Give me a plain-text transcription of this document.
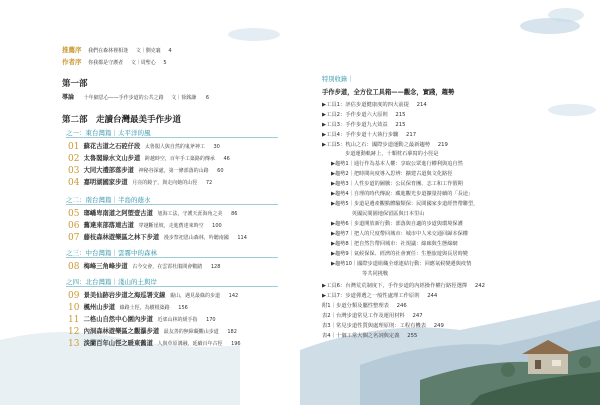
推薦序 我們在森林裡相逢 文｜劉克襄 4
作者序 你我都是守護者 文｜周聖心 5
第一部
導論 十年細思心——手作步道的公共之路 文｜徐銘謙 6
第二部　走讀台灣最美手作步道
之一：東台灣篇｜太平洋的風
01 蘇花古道之石硿仔段 太魯閣人與自然的鬼斧神工 30
02 太魯閣綠水文山步道 跨越時空，百年手工築路的傳承 46
03 大同大禮部落步道 神秘谷深處，第一條部落的山路 60
04 嘉明湖國家步道 月亮的鏡子，與走向她的山徑 72
之二：南台灣篇｜半島的蔭水
05 瑯嶠卑南道之阿塱壹古道 旭海工法，守護天涯海角之美 86
06 舊達來部落連古道 穿越斷崖坡，走進舊達來時空 100
07 藤枝森林遊樂區之林下步道 漫步祭祀恩山森林，吟聽南國 114
之三：中台灣篇｜雲霧中的森林
08 梅峰三角峰步道 古今交會，在雲霄杜鵑間會數踏 128
之四：北台灣篇｜淺山的土與岸
09 景美仙跡岩步道之海巡署支線 親山，遇見最綠的步道 142
10 楓州山步道 綠路土徑，為樹根築路 156
11 二格山自然中心園內步道 近郊山林的緩手指 170
12 內洞森林遊樂區之觀瀑步道 最友善的無障礙觀山步道 182
13 淡蘭百年山徑之暖東舊道 人與草原溝融，延續百年古徑 196
特別收錄｜
手作步道，全方位工具箱——觀念，實踐，趨勢
▶工具1：評估步道健康度的四大前提 214
▶工具2：手作步道六大原則 215
▶工具3：手作步道九大效益 215
▶工具4：手作步道十大執行步驟 217
▶工具5：枕山之石：國際步道運動之最新趨勢 219
步道運動軌跡上，十顆枕石摹寫的小徑是
▶趨勢1｜通行作為基本人權：享取公眾進行權利與追自然
▶趨勢2｜把時間向度導入思辨：擴建古道與文化路徑
▶趨勢3｜人性步道的圖騰：公民保育團、志工和工作假期
▶趨勢4｜自理的時代傳說：藏進觀光步道擴量持續的「長途」
▶趨勢5｜步道是遺產觀點體驗類保：民間國家步道經營帶聯型，
　　　　英國民間園地保留區與日本里山
▶趨勢6｜步道開放新行動：部落與自適的步道與環境保護
▶趨勢7｜把人的尺度帶回城市：城市中人米交通回歸本保權
▶趨勢8｜把自然告帶回城市：社規議：綠廊與生態綠網
▶趨勢9｜氣候保保、經濟的社會實任：生態旅遊與長居時變
▶趨勢10｜國際步道組織全球連結行動：回應氣候變遷與疫情
　　　　　　等共同挑戰
▶工具6：台灣荒荒制度下，手作步道的內經操作權行路徑選擇 242
▶工具7：步道彈選之一般性處理工作原則 244
附1｜步道分類及屬性整理表 246
表2｜台灣步道常見工作及運用材料 247
表3｜常見步道性質與處理原則：工程有機表 249
表4｜十個工常大個之名詞與定義 255
